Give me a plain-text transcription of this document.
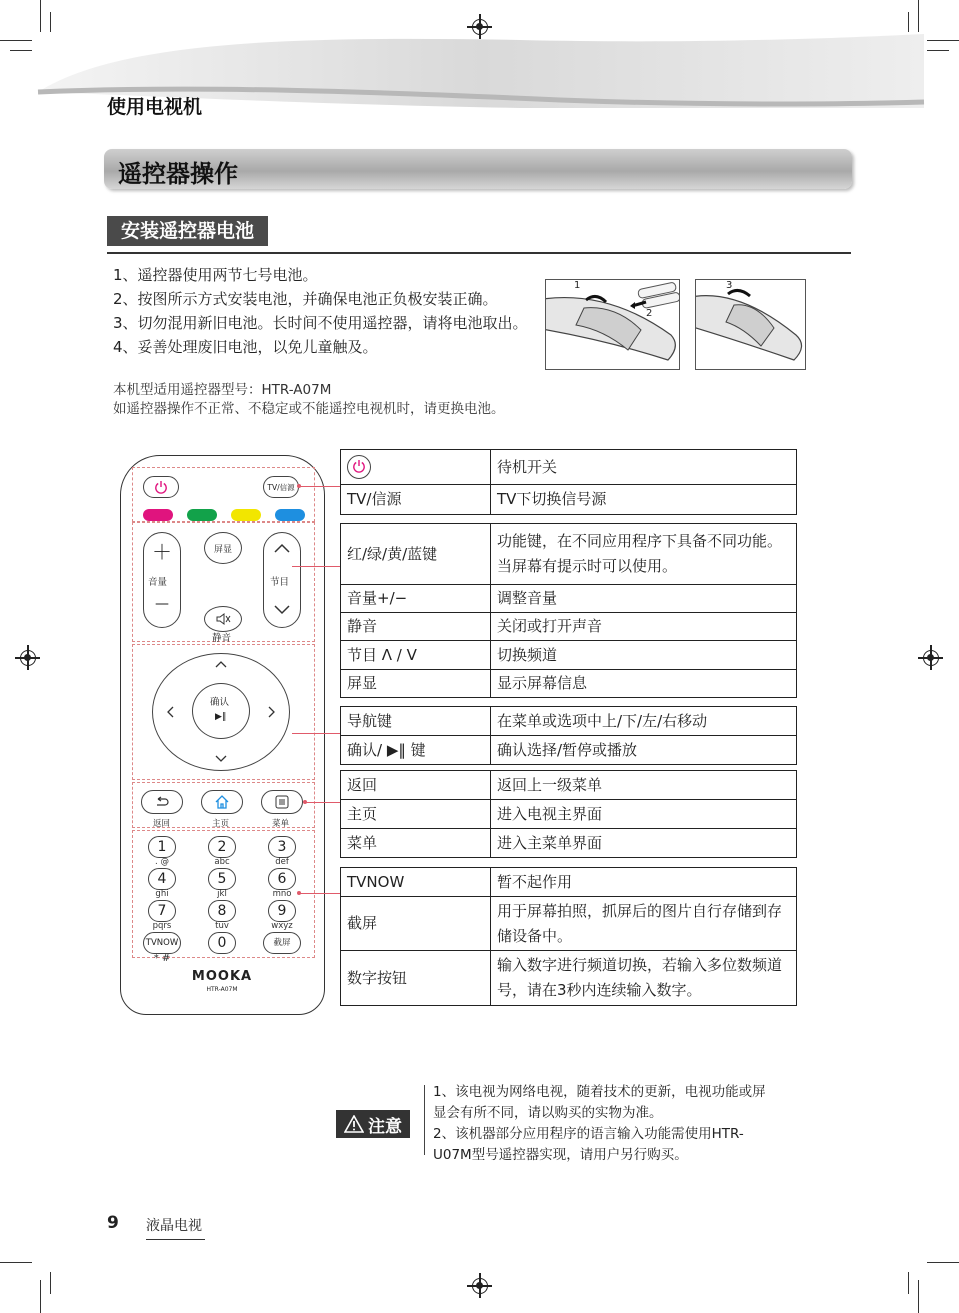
使用电视机
遥控器操作
安装遥控器电池
1、遥控器使用两节七号电池。
2、按图所示方式安装电池，并确保电池正负极安装正确。
3、切勿混用新旧电池。长时间不使用遥控器，请将电池取出。
4、妥善处理废旧电池，以免儿童触及。
1
2
3
本机型适用遥控器型号：HTR-A07M
如遥控器操作不正常、不稳定或不能遥控电视机时，请更换电池。
TV/信源
＋
音量
—
屏显
静音
节目
确认
▶‖
返回	主页	菜单
1
. @
2
abc
3
def
4
ghi
5
jkl
6
mno
7
pqrs
8
tuv
9
wxyz
TVNOW	0	截屏
* #
MOOKA
HTR-A07M
	待机开关
TV/信源	TV下切换信号源
红/绿/黄/蓝键	功能键，在不同应用程序下具备不同功能。当屏幕有提示时可以使用。
音量+/−	调整音量
静音	关闭或打开声音
节目 Λ / V	切换频道
屏显	显示屏幕信息
导航键	在菜单或选项中上/下/左/右移动
确认/ ▶‖ 键	确认选择/暂停或播放
返回	返回上一级菜单
主页	进入电视主界面
菜单	进入主菜单界面
TVNOW	暂不起作用
截屏	用于屏幕拍照，抓屏后的图片自行存储到存储设备中。
数字按钮	输入数字进行频道切换，若输入多位数频道号，请在3秒内连续输入数字。
注意
1、该电视为网络电视，随着技术的更新，电视功能或屏
显会有所不同，请以购买的实物为准。
2、该机器部分应用程序的语言输入功能需使用HTR-
U07M型号遥控器实现，请用户另行购买。
9 液晶电视
